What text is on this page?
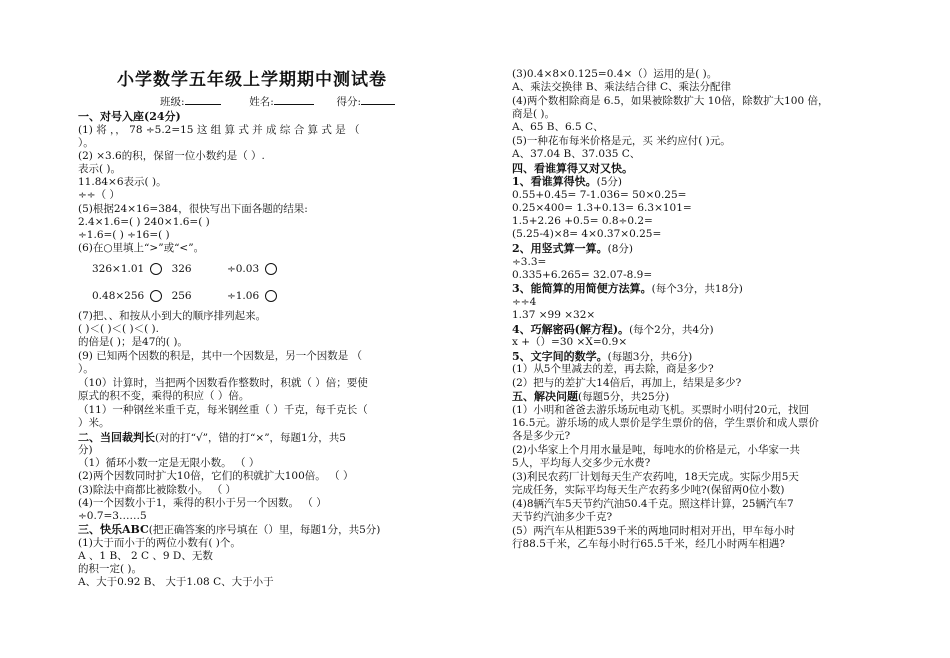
小学数学五年级上学期期中测试卷
班级:	姓名:	得分:
一、对号入座(24分)
(1) 将 ，， 78 ÷5.2=15 这 组 算 式 并 成 综 合 算 式 是 （
）。
(2) ×3.6的积，保留一位小数约是（ ）.
表示( )。
11.84×6表示( )。
÷÷（ ）
(5)根据24×16=384，很快写出下面各题的结果:
2.4×1.6=( ) 240×1.6=( )
÷1.6=( ) ÷16=( )
(6)在○里填上“>”或“<”。
326×1.01	326	÷0.03
0.48×256	256	÷1.06
(7)把、、和按从小到大的顺序排列起来。
( )＜( )＜( )＜( ).
的倍是( )；是47的( )。
(9) 已知两个因数的积是，其中一个因数是，另一个因数是 （
）。
（10）计算时，当把两个因数看作整数时，积就（ ）倍；要使
原式的积不变，乘得的积应（ ）倍。
（11）一种钢丝米重千克，每米钢丝重（ ）千克，每千克长（
）米。
二、当回裁判长(对的打“√”，错的打“×”，每题1分，共5
分)
（1）循环小数一定是无限小数。 （ ）
(2)两个因数同时扩大10倍，它们的积就扩大100倍。 （ ）
(3)除法中商都比被除数小。 （ ）
(4)一个因数小于1，乘得的积小于另一个因数。 （ ）
÷0.7=3……5
三、快乐ABC(把正确答案的序号填在（）里，每题1分，共5分)
(1)大于而小于的两位小数有( )个。
A 、1 B、 2 C 、9 D、无数
的积一定( )。
A、大于0.92 B、 大于1.08 C、大于小于
(3)0.4×8×0.125=0.4×（）运用的是( )。
A、乘法交换律 B、乘法结合律 C、乘法分配律
(4)两个数相除商是 6.5，如果被除数扩大 10倍，除数扩大100 倍，
商是( )。
A、65 B、6.5 C、
(5)一种花布每米价格是元，买 米约应付( )元。
A、37.04 B、37.035 C、
四、看谁算得又对又快。
1、看谁算得快。(5分)
0.55+0.45= 7-1.036= 50×0.25=
0.25×400= 1.3+0.13= 6.3×101=
1.5+2.26 +0.5= 0.8÷0.2=
(5.25-4)×8= 4×0.37×0.25=
2、用竖式算一算。(8分)
÷3.3=
0.335+6.265= 32.07-8.9=
3、能简算的用简便方法算。(每个3分，共18分)
÷÷4
1.37 ×99 ×32×
4、巧解密码(解方程)。(每个2分，共4分)
x +（）=30 ×X=0.9×
5、文字间的数学。(每题3分，共6分)
(1）从5个里减去的差，再去除，商是多少?
(2）把与的差扩大14倍后，再加上，结果是多少?
五、解决问题(每题5分，共25分)
(1）小明和爸爸去游乐场玩电动飞机。买票时小明付20元，找回
16.5元。游乐场的成人票价是学生票价的倍，学生票价和成人票价
各是多少元?
(2)小华家上个月用水量是吨，每吨水的价格是元，小华家一共
5人，平均每人交多少元水费?
(3)利民农药厂计划每天生产农药吨，18天完成。实际少用5天
完成任务，实际平均每天生产农药多少吨?(保留两0位小数)
(4)8辆汽车5天节约汽油50.4千克。照这样计算，25辆汽车7
天节约汽油多少千克?
(5）两汽车从相距539千米的两地同时相对开出，甲车每小时
行88.5千米，乙车每小时行65.5千米，经几小时两车相遇?
